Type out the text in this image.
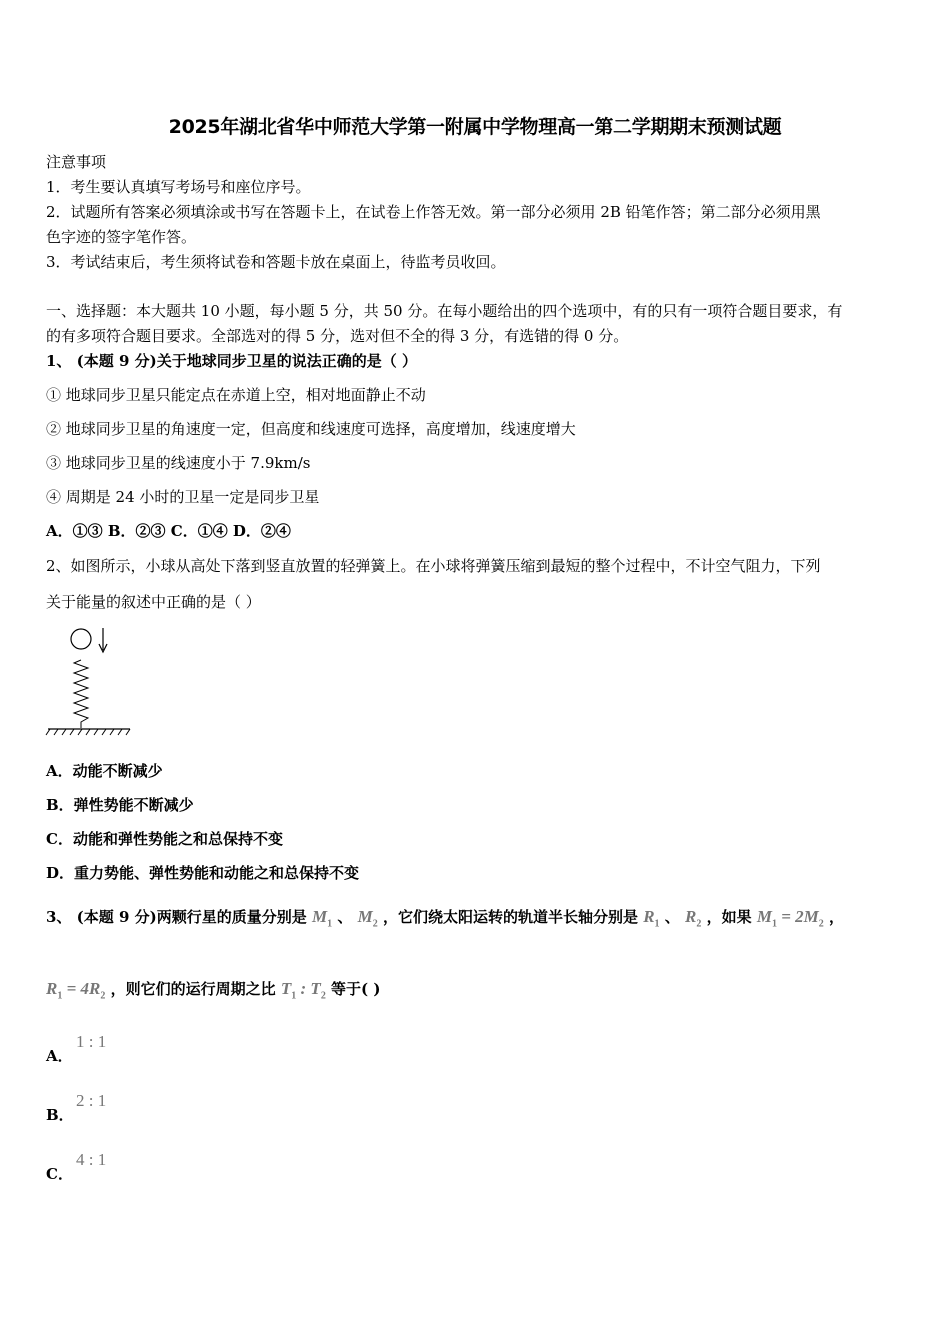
2025年湖北省华中师范大学第一附属中学物理高一第二学期期末预测试题
注意事项
1．考生要认真填写考场号和座位序号。
2．试题所有答案必须填涂或书写在答题卡上，在试卷上作答无效。第一部分必须用 2B 铅笔作答；第二部分必须用黑
色字迹的签字笔作答。
3．考试结束后，考生须将试卷和答题卡放在桌面上，待监考员收回。
一、选择题：本大题共 10 小题，每小题 5 分，共 50 分。在每小题给出的四个选项中，有的只有一项符合题目要求，有
的有多项符合题目要求。全部选对的得 5 分，选对但不全的得 3 分，有选错的得 0 分。
1、 (本题 9 分)关于地球同步卫星的说法正确的是（ ）
① 地球同步卫星只能定点在赤道上空，相对地面静止不动
② 地球同步卫星的角速度一定，但高度和线速度可选择，高度增加，线速度增大
③ 地球同步卫星的线速度小于 7.9km/s
④ 周期是 24 小时的卫星一定是同步卫星
A．①③ B．②③ C．①④ D．②④
2、如图所示，小球从高处下落到竖直放置的轻弹簧上。在小球将弹簧压缩到最短的整个过程中，不计空气阻力，下列
关于能量的叙述中正确的是（ ）
A．动能不断减少
B．弹性势能不断减少
C．动能和弹性势能之和总保持不变
D．重力势能、弹性势能和动能之和总保持不变
3、 (本题 9 分)两颗行星的质量分别是 $M_1$ 、 $M_2$ ，它们绕太阳运转的轨道半长轴分别是 $R_1$ 、 $R_2$ ，如果 $M_1 = 2M_2$ ，
$R_1 = 4R_2$ ，则它们的运行周期之比 $T_1$ : $T_2$ 等于( )
1 : 1
A．
2 : 1
B．
4 : 1
C．
